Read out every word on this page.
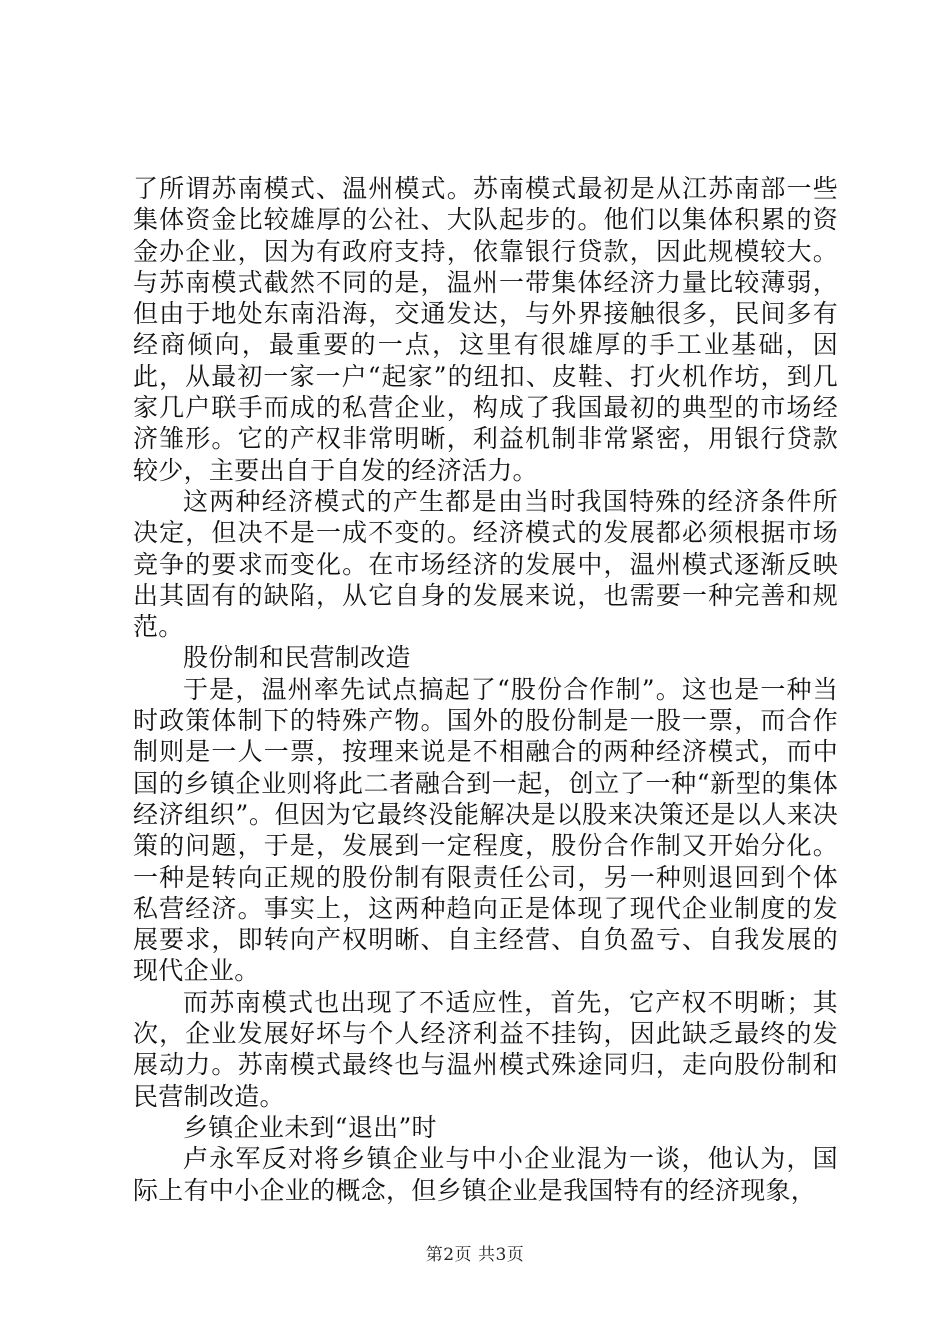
了所谓苏南模式、温州模式。苏南模式最初是从江苏南部一些集体资金比较雄厚的公社、大队起步的。他们以集体积累的资金办企业，因为有政府支持，依靠银行贷款，因此规模较大。与苏南模式截然不同的是，温州一带集体经济力量比较薄弱，但由于地处东南沿海，交通发达，与外界接触很多，民间多有经商倾向，最重要的一点，这里有很雄厚的手工业基础，因此，从最初一家一户“起家”的纽扣、皮鞋、打火机作坊，到几家几户联手而成的私营企业，构成了我国最初的典型的市场经济雏形。它的产权非常明晰，利益机制非常紧密，用银行贷款较少，主要出自于自发的经济活力。

这两种经济模式的产生都是由当时我国特殊的经济条件所决定，但决不是一成不变的。经济模式的发展都必须根据市场竞争的要求而变化。在市场经济的发展中，温州模式逐渐反映出其固有的缺陷，从它自身的发展来说，也需要一种完善和规范。

股份制和民营制改造

于是，温州率先试点搞起了“股份合作制”。这也是一种当时政策体制下的特殊产物。国外的股份制是一股一票，而合作制则是一人一票，按理来说是不相融合的两种经济模式，而中国的乡镇企业则将此二者融合到一起，创立了一种“新型的集体经济组织”。但因为它最终没能解决是以股来决策还是以人来决策的问题，于是，发展到一定程度，股份合作制又开始分化。一种是转向正规的股份制有限责任公司，另一种则退回到个体私营经济。事实上，这两种趋向正是体现了现代企业制度的发展要求，即转向产权明晰、自主经营、自负盈亏、自我发展的现代企业。

而苏南模式也出现了不适应性，首先，它产权不明晰；其次，企业发展好坏与个人经济利益不挂钩，因此缺乏最终的发展动力。苏南模式最终也与温州模式殊途同归，走向股份制和民营制改造。

乡镇企业未到“退出”时

卢永军反对将乡镇企业与中小企业混为一谈，他认为，国际上有中小企业的概念，但乡镇企业是我国特有的经济现象，

第2页 共3页
